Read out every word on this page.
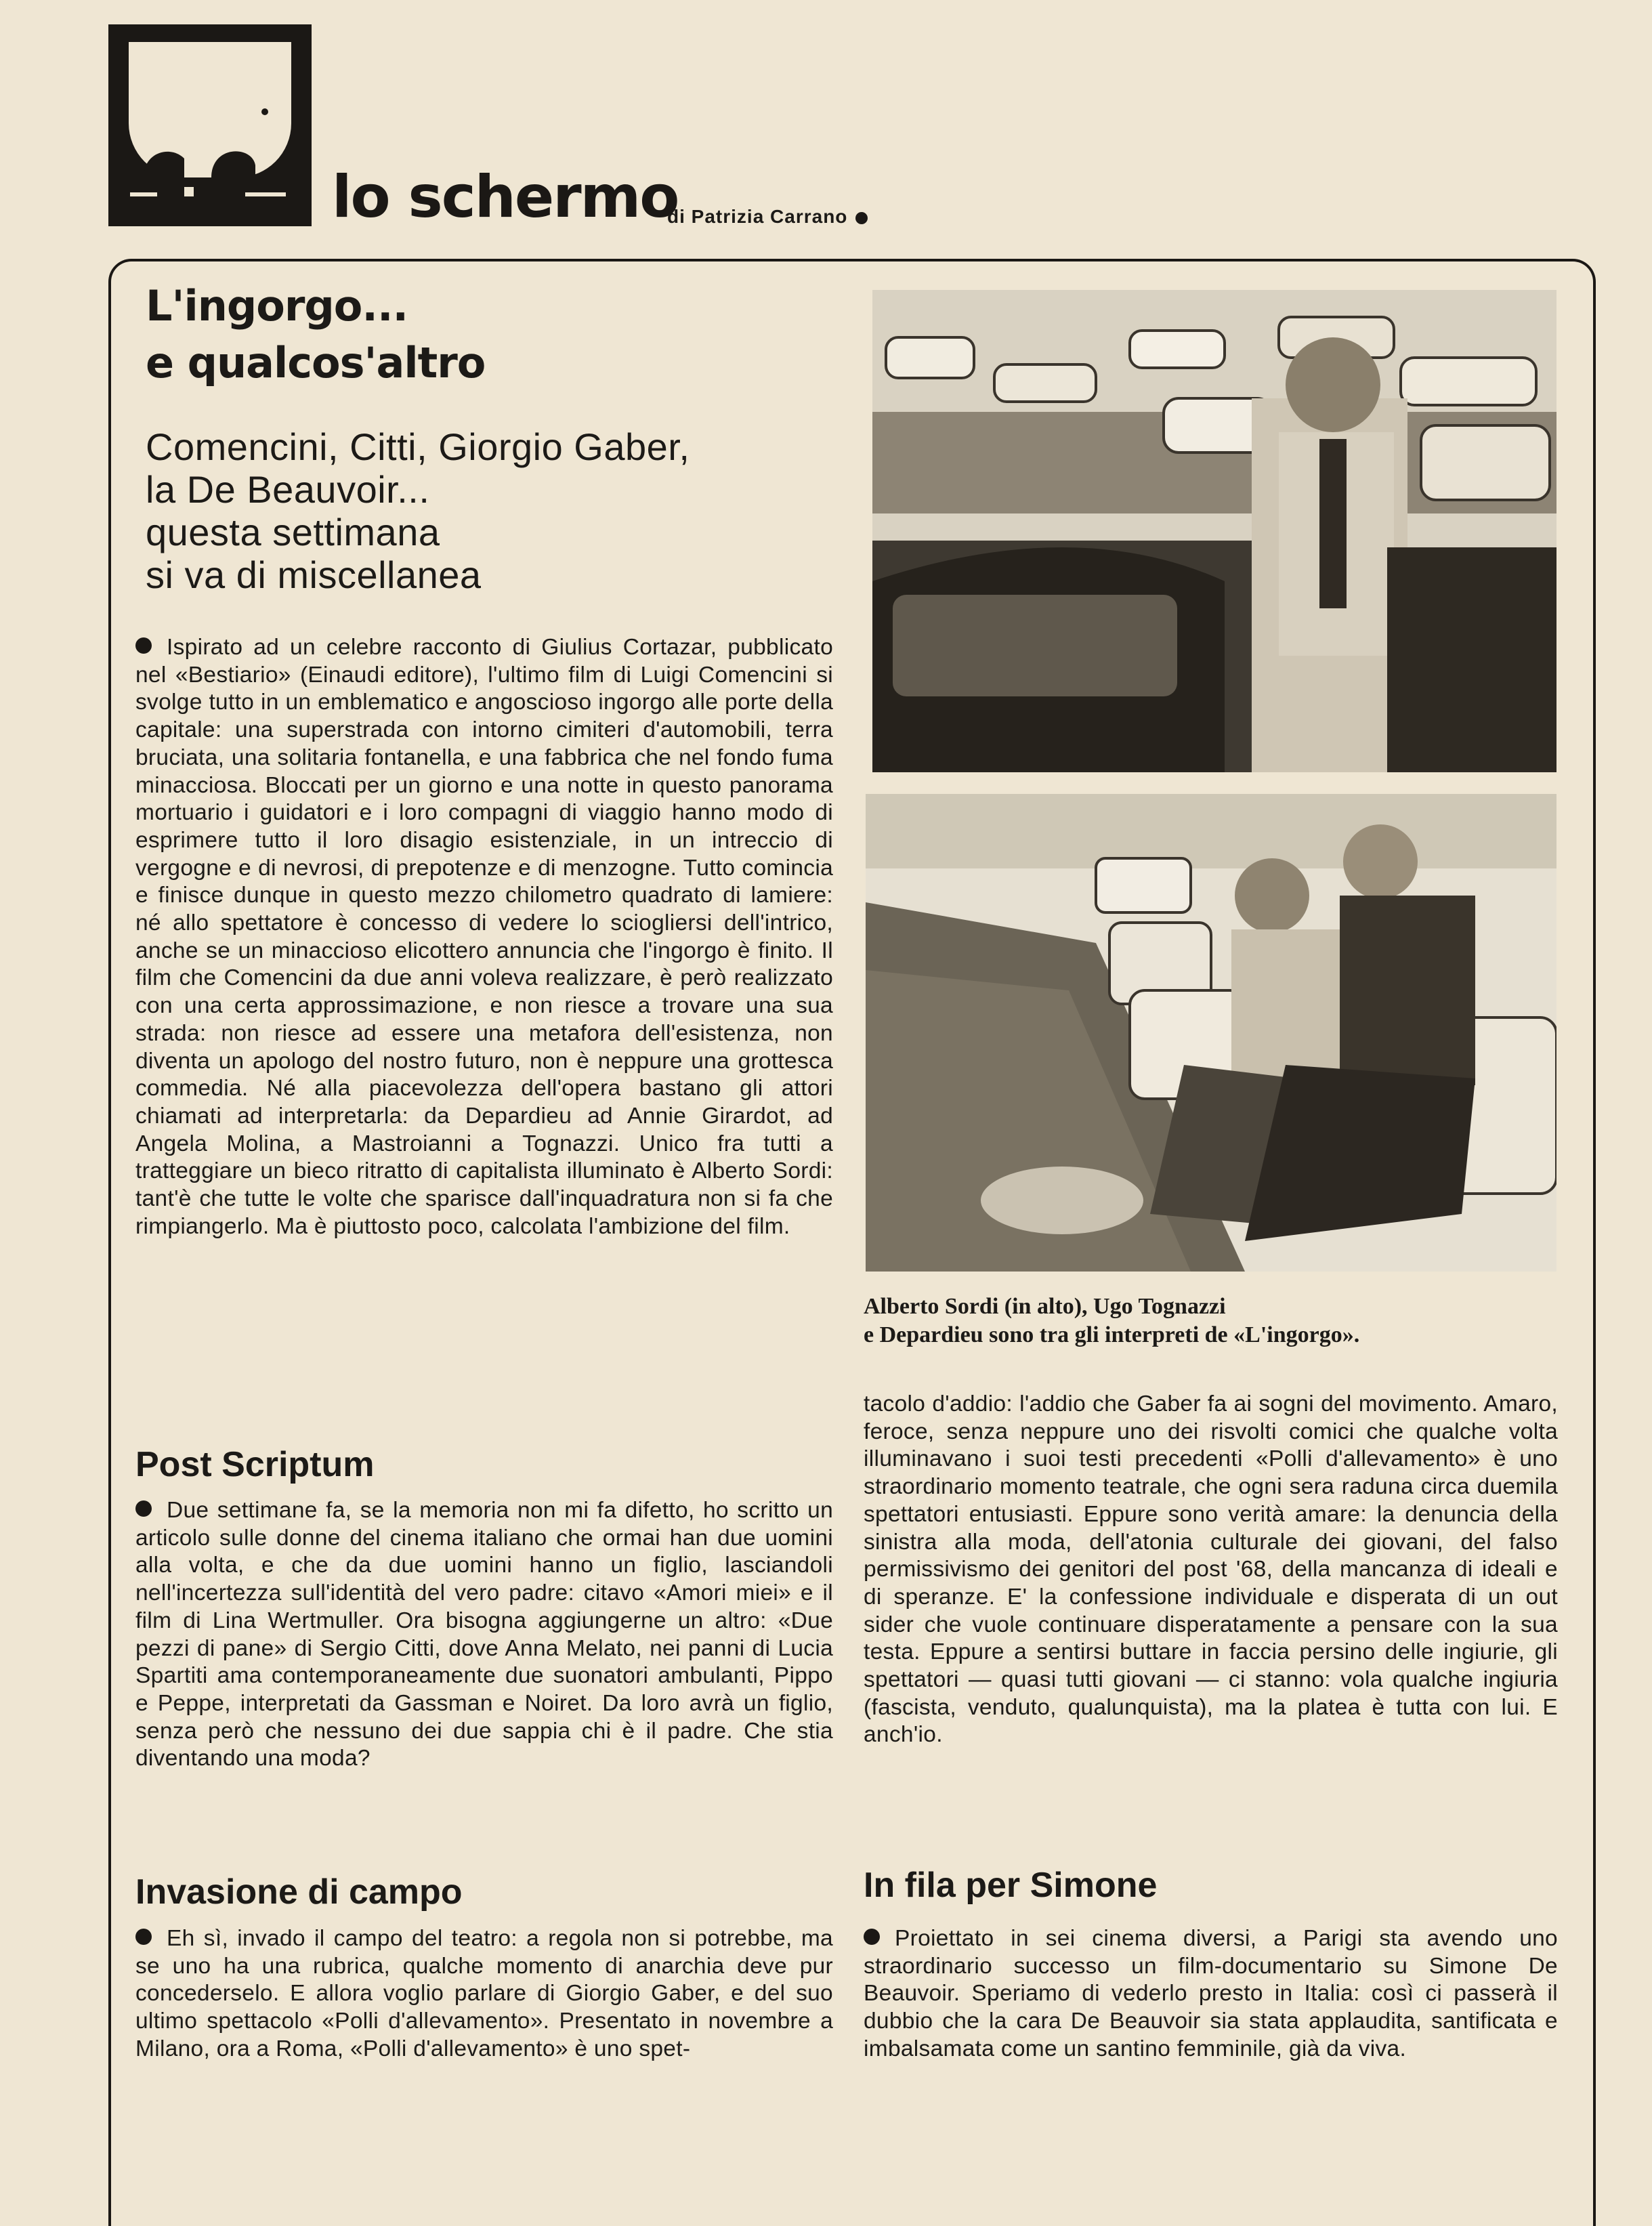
lo schermo
di Patrizia Carrano
L'ingorgo...
e qualcos'altro
Comencini, Citti, Giorgio Gaber,
la De Beauvoir...
questa settimana
si va di miscellanea
Ispirato ad un celebre racconto di Giulius Cortazar, pubblicato nel «Bestiario» (Einaudi editore), l'ultimo film di Luigi Comencini si svolge tutto in un emblematico e angoscioso ingorgo alle porte della capitale: una superstrada con intorno cimiteri d'automobili, terra bruciata, una solitaria fontanella, e una fabbrica che nel fondo fuma minacciosa. Bloccati per un giorno e una notte in questo panorama mortuario i guidatori e i loro compagni di viaggio hanno modo di esprimere tutto il loro disagio esistenziale, in un intreccio di vergogne e di nevrosi, di prepotenze e di menzogne. Tutto comincia e finisce dunque in questo mezzo chilometro quadrato di lamiere: né allo spettatore è concesso di vedere lo sciogliersi dell'intrico, anche se un minaccioso elicottero annuncia che l'ingorgo è finito. Il film che Comencini da due anni voleva realizzare, è però realizzato con una certa approssimazione, e non riesce a trovare una sua strada: non riesce ad essere una metafora dell'esistenza, non diventa un apologo del nostro futuro, non è neppure una grottesca commedia. Né alla piacevolezza dell'opera bastano gli attori chiamati ad interpretarla: da Depardieu ad Annie Girardot, ad Angela Molina, a Mastroianni a Tognazzi. Unico fra tutti a tratteggiare un bieco ritratto di capitalista illuminato è Alberto Sordi: tant'è che tutte le volte che sparisce dall'inquadratura non si fa che rimpiangerlo. Ma è piuttosto poco, calcolata l'ambizione del film.
Post Scriptum
Due settimane fa, se la memoria non mi fa difetto, ho scritto un articolo sulle donne del cinema italiano che ormai han due uomini alla volta, e che da due uomini hanno un figlio, lasciandoli nell'incertezza sull'identità del vero padre: citavo «Amori miei» e il film di Lina Wertmuller. Ora bisogna aggiungerne un altro: «Due pezzi di pane» di Sergio Citti, dove Anna Melato, nei panni di Lucia Spartiti ama contemporaneamente due suonatori ambulanti, Pippo e Peppe, interpretati da Gassman e Noiret. Da loro avrà un figlio, senza però che nessuno dei due sappia chi è il padre. Che stia diventando una moda?
Invasione di campo
Eh sì, invado il campo del teatro: a regola non si potrebbe, ma se uno ha una rubrica, qualche momento di anarchia deve pur concederselo. E allora voglio parlare di Giorgio Gaber, e del suo ultimo spettacolo «Polli d'allevamento». Presentato in novembre a Milano, ora a Roma, «Polli d'allevamento» è uno spet-
Alberto Sordi (in alto), Ugo Tognazzi
e Depardieu sono tra gli interpreti de «L'ingorgo».
tacolo d'addio: l'addio che Gaber fa ai sogni del movimento. Amaro, feroce, senza neppure uno dei risvolti comici che qualche volta illuminavano i suoi testi precedenti «Polli d'allevamento» è uno straordinario momento teatrale, che ogni sera raduna circa duemila spettatori entusiasti. Eppure sono verità amare: la denuncia della sinistra alla moda, dell'atonia culturale dei giovani, del falso permissivismo dei genitori del post '68, della mancanza di ideali e di speranze. E' la confessione individuale e disperata di un out sider che vuole continuare disperatamente a pensare con la sua testa. Eppure a sentirsi buttare in faccia persino delle ingiurie, gli spettatori — quasi tutti giovani — ci stanno: vola qualche ingiuria (fascista, venduto, qualunquista), ma la platea è tutta con lui. E anch'io.
In fila per Simone
Proiettato in sei cinema diversi, a Parigi sta avendo uno straordinario successo un film-documentario su Simone De Beauvoir. Speriamo di vederlo presto in Italia: così ci passerà il dubbio che la cara De Beauvoir sia stata applaudita, santificata e imbalsamata come un santino femminile, già da viva.
